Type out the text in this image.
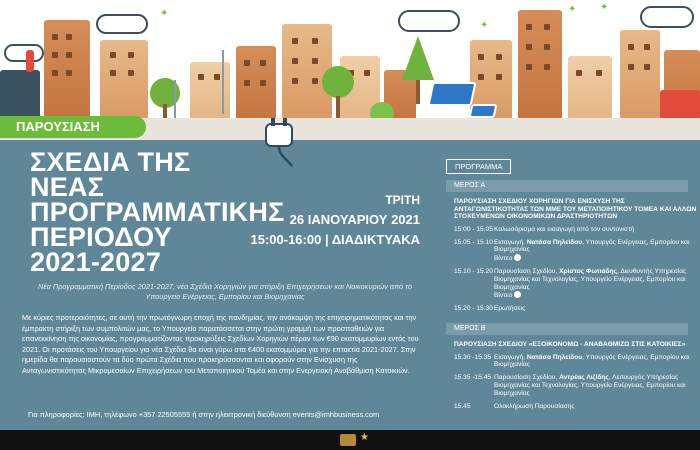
✦
✦
✦ ✦
ΠΑΡΟΥΣΙΑΣΗ
ΣΧΕΔΙΑ ΤΗΣ ΝΕΑΣ
ΠΡΟΓΡΑΜΜΑΤΙΚΗΣ
ΠΕΡΙΟΔΟΥ
2021-2027
ΤΡΙΤΗ
26 ΙΑΝΟΥΑΡΙΟΥ 2021
15:00-16:00 | ΔΙΑΔΙΚΤΥΑΚΑ
Νέα Προγραμματική Περίοδος 2021-2027, νέα Σχέδια Χορηγιών για στήριξη Επιχειρήσεων και Νοικοκυριών από το Υπουργείο Ενέργειας, Εμπορίου και Βιομηχανίας
Με κύριες προτεραιότητες, σε αυτή την πρωτόγνωρη εποχή της πανδημίας, την ανάκαμψη της επιχειρηματικότητας και την έμπρακτη στήριξη των συμπολιτών μας, το Υπουργείο παρατάσσεται στην πρώτη γραμμή των προσπαθειών για επανεκκίνηση της οικονομίας, προγραμματίζοντας προκηρύξεις Σχεδίων Χορηγιών πέραν των €90 εκατομμυρίων εντός του 2021. Οι προτάσεις του Υπουργείου για νέα Σχέδια θα είναι γύρω στα €400 εκατομμύρια για την επταετία 2021-2027. Στην ημερίδα θα παρουσιαστούν τα δύο πρώτα Σχέδια που προκηρύσσονται και αφορούν στην Ενίσχυση της Ανταγωνιστικότητας Μικρομεσαίων Επιχειρήσεων του Μεταποιητικού Τομέα και στην Ενεργειακή Αναβάθμιση Κατοικιών.
Για πληροφορίες: ΙΜΗ, τηλέφωνο +357 22505555 ή στην ηλεκτρονική διεύθυνση events@imhbusiness.com
ΠΡΟΓΡΑΜΜΑ
ΜΕΡΟΣ Α
ΠΑΡΟΥΣΙΑΣΗ ΣΧΕΔΙΟΥ ΧΟΡΗΓΙΩΝ ΓΙΑ ΕΝΙΣΧΥΣΗ ΤΗΣ ΑΝΤΑΓΩΝΙΣΤΙΚΟΤΗΤΑΣ ΤΩΝ ΜΜΕ ΤΟΥ ΜΕΤΑΠΟΙΗΤΙΚΟΥ ΤΟΜΕΑ ΚΑΙ ΑΛΛΩΝ ΣΤΟΧΕΥΜΕΝΩΝ ΟΙΚΟΝΟΜΙΚΩΝ ΔΡΑΣΤΗΡΙΟΤΗΤΩΝ
15:00 - 15.05 Καλωσόρισμα και εισαγωγή από τον συντονιστή
15.05 - 15.10 Εισαγωγή, Νατάσα Πηλείδου, Υπουργός Ενέργειας, Εμπορίου και Βιομηχανίας
Βίντεο
15.10 - 15.20 Παρουσίαση Σχεδίου, Χρίστος Φωτιάδης, Διευθυντής Υπηρεσίας Βιομηχανίας και Τεχνολογίας, Υπουργείο Ενέργειας, Εμπορίου και Βιομηχανίας
Βίντεο
15.20 - 15.30 Ερωτήσεις
ΜΕΡΟΣ Β
ΠΑΡΟΥΣΙΑΣΗ ΣΧΕΔΙΟΥ «ΕΞΟΙΚΟΝΟΜΩ - ΑΝΑΒΑΘΜΙΖΩ ΣΤΙΣ ΚΑΤΟΙΚΙΕΣ»
15.30 -15.35 Εισαγωγή, Νατάσα Πηλείδου, Υπουργός Ενέργειας, Εμπορίου και Βιομηχανίας
15.35 -15.45 Παρουσίαση Σχεδίου, Αντρέας Λιζίδης, Λειτουργός Υπηρεσίας Βιομηχανίας και Τεχνολογίας, Υπουργείο Ενέργειας, Εμπορίου και Βιομηχανίας
15.45	Ολοκλήρωση Παρουσίασης
★
